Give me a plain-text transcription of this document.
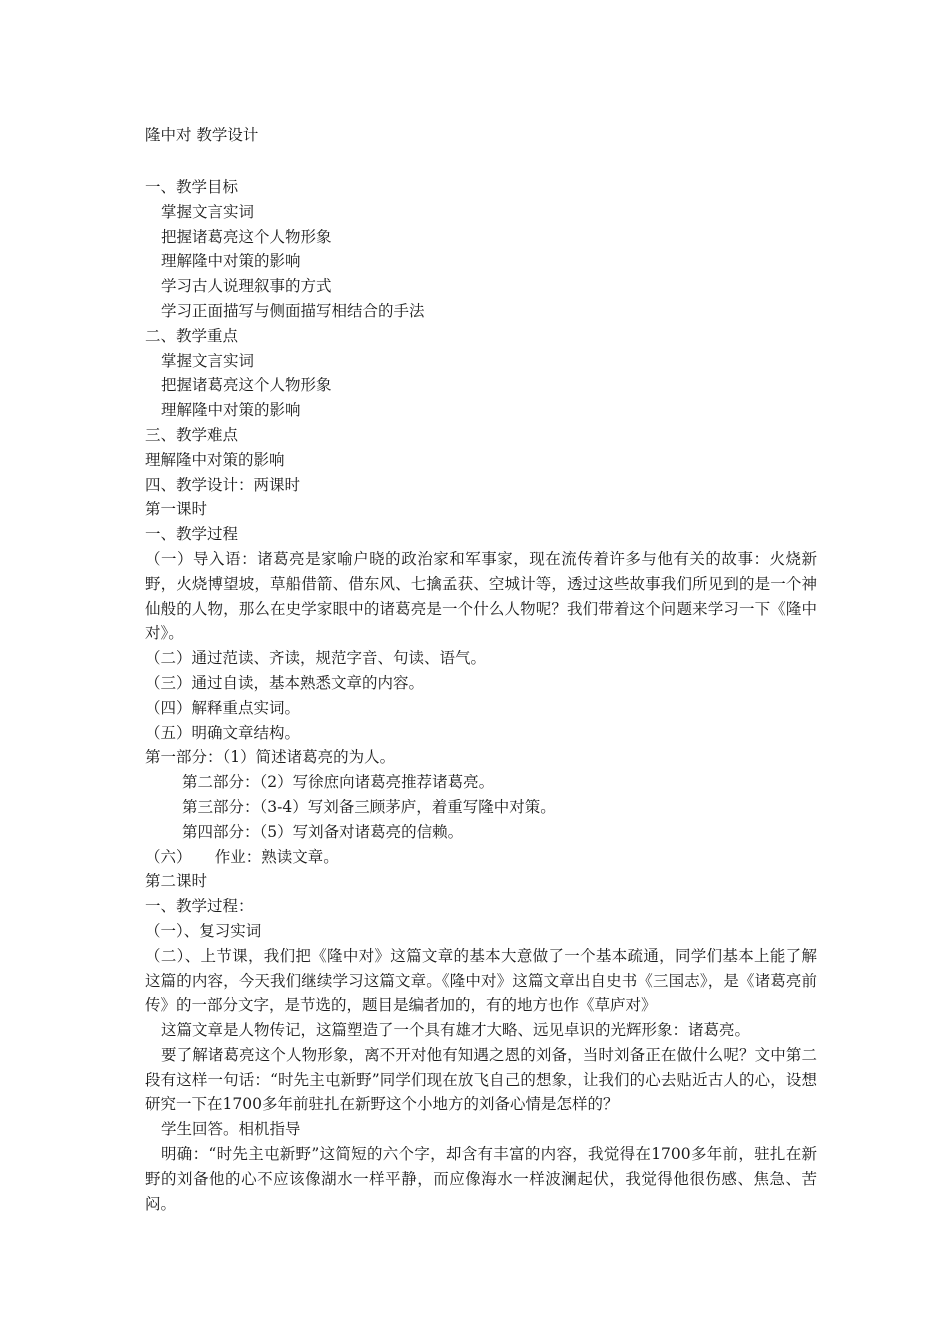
隆中对 教学设计
一、教学目标
掌握文言实词
把握诸葛亮这个人物形象
理解隆中对策的影响
学习古人说理叙事的方式
学习正面描写与侧面描写相结合的手法
二、教学重点
掌握文言实词
把握诸葛亮这个人物形象
理解隆中对策的影响
三、教学难点
理解隆中对策的影响
四、教学设计：两课时
第一课时
一、教学过程
（一）导入语：诸葛亮是家喻户晓的政治家和军事家，现在流传着许多与他有关的故事：火烧新野，火烧博望坡，草船借箭、借东风、七擒孟获、空城计等，透过这些故事我们所见到的是一个神仙般的人物，那么在史学家眼中的诸葛亮是一个什么人物呢？我们带着这个问题来学习一下《隆中对》。
（二）通过范读、齐读，规范字音、句读、语气。
（三）通过自读，基本熟悉文章的内容。
（四）解释重点实词。
（五）明确文章结构。
第一部分：（1）简述诸葛亮的为人。
第二部分：（2）写徐庶向诸葛亮推荐诸葛亮。
第三部分：（3-4）写刘备三顾茅庐，着重写隆中对策。
第四部分：（5）写刘备对诸葛亮的信赖。
（六）　　作业：熟读文章。
第二课时
一、教学过程：
（一）、复习实词
（二）、上节课，我们把《隆中对》这篇文章的基本大意做了一个基本疏通，同学们基本上能了解这篇的内容，今天我们继续学习这篇文章。《隆中对》这篇文章出自史书《三国志》，是《诸葛亮前传》的一部分文字，是节选的，题目是编者加的，有的地方也作《草庐对》
这篇文章是人物传记，这篇塑造了一个具有雄才大略、远见卓识的光辉形象：诸葛亮。
要了解诸葛亮这个人物形象，离不开对他有知遇之恩的刘备，当时刘备正在做什么呢？文中第二段有这样一句话：“时先主屯新野”同学们现在放飞自己的想象，让我们的心去贴近古人的心，设想研究一下在1700多年前驻扎在新野这个小地方的刘备心情是怎样的？
学生回答。相机指导
明确：“时先主屯新野”这简短的六个字，却含有丰富的内容，我觉得在1700多年前，驻扎在新野的刘备他的心不应该像湖水一样平静，而应像海水一样波澜起伏，我觉得他很伤感、焦急、苦闷。
